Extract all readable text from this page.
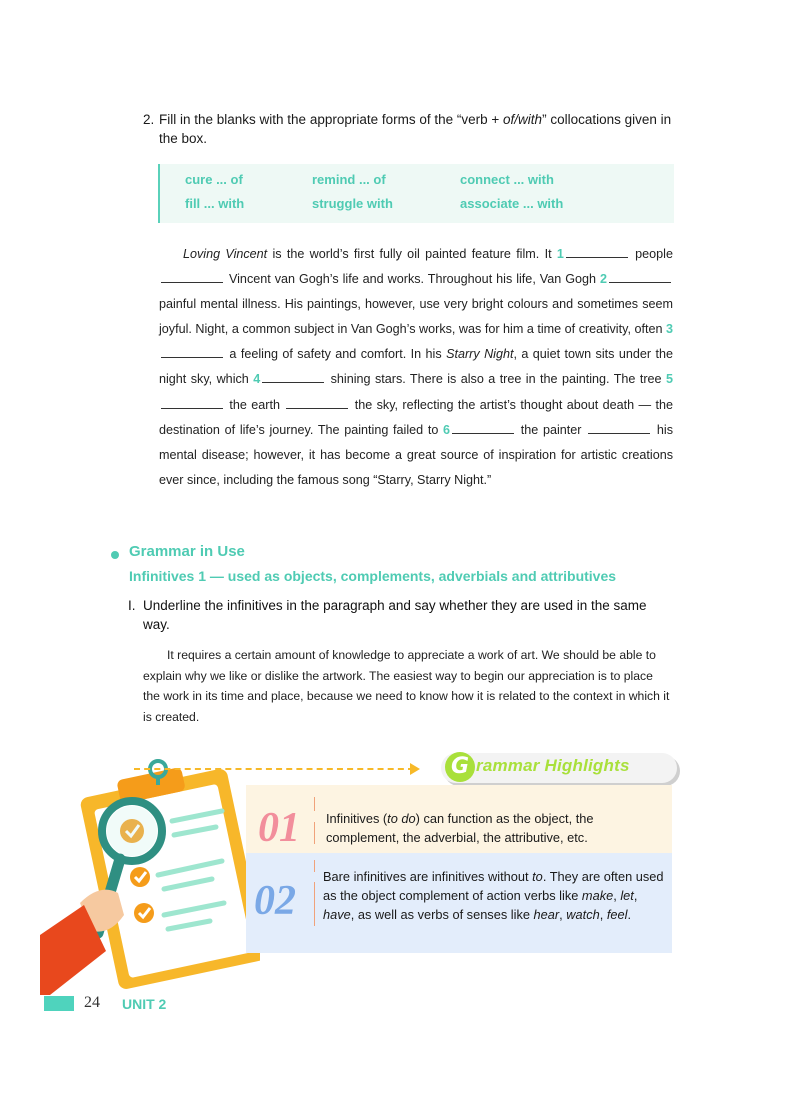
2. Fill in the blanks with the appropriate forms of the “verb + of/with” collocations given in the box.
cure ... of	remind ... of	connect ... with
fill ... with	struggle with	associate ... with

Loving Vincent is the world’s first fully oil painted feature film. It 1	people  Vincent van Gogh’s life and works. Throughout his life, Van Gogh 2 painful mental illness. His paintings, however, use very bright colours and sometimes seem joyful. Night, a common subject in Van Gogh’s works, was for him a time of creativity, often 3 a feeling of safety and comfort. In his Starry Night, a quiet town sits under the night sky, which 4	shining stars. There is also a tree in the painting. The tree 5 the earth	the sky, reflecting the artist’s thought about death — the destination of life’s journey. The painting failed to 6	the painter	his mental disease; however, it has become a great source of inspiration for artistic creations ever since, including the famous song “Starry, Starry Night.”

Grammar in Use
Infinitives 1 — used as objects, complements, adverbials and attributives
I. Underline the infinitives in the paragraph and say whether they are used in the same way.

It requires a certain amount of knowledge to appreciate a work of art. We should be able to explain why we like or dislike the artwork. The easiest way to begin our appreciation is to place the work in its time and place, because we need to know how it is related to the context in which it is created.

G rammar Highlights
01
02
Infinitives (to do) can function as the object, the complement, the adverbial, the attributive, etc.
Bare infinitives are infinitives without to. They are often used as the object complement of action verbs like make, let, have, as well as verbs of senses like hear, watch, feel.
24 UNIT 2
